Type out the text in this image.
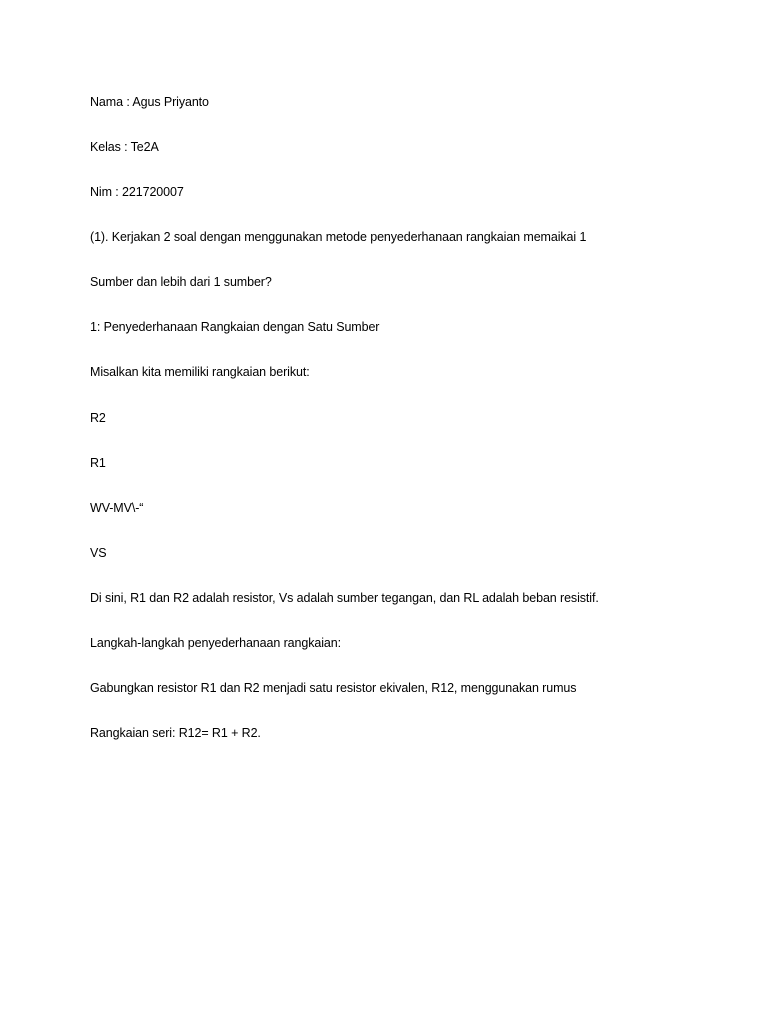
Nama : Agus Priyanto
Kelas : Te2A
Nim : 221720007
(1). Kerjakan 2 soal dengan menggunakan metode penyederhanaan rangkaian memaikai 1
Sumber dan lebih dari 1 sumber?
1: Penyederhanaan Rangkaian dengan Satu Sumber
Misalkan kita memiliki rangkaian berikut:
R2
R1
WV-MV\-“
VS
Di sini, R1 dan R2 adalah resistor, Vs adalah sumber tegangan, dan RL adalah beban resistif.
Langkah-langkah penyederhanaan rangkaian:
Gabungkan resistor R1 dan R2 menjadi satu resistor ekivalen, R12, menggunakan rumus
Rangkaian seri: R12= R1 + R2.
